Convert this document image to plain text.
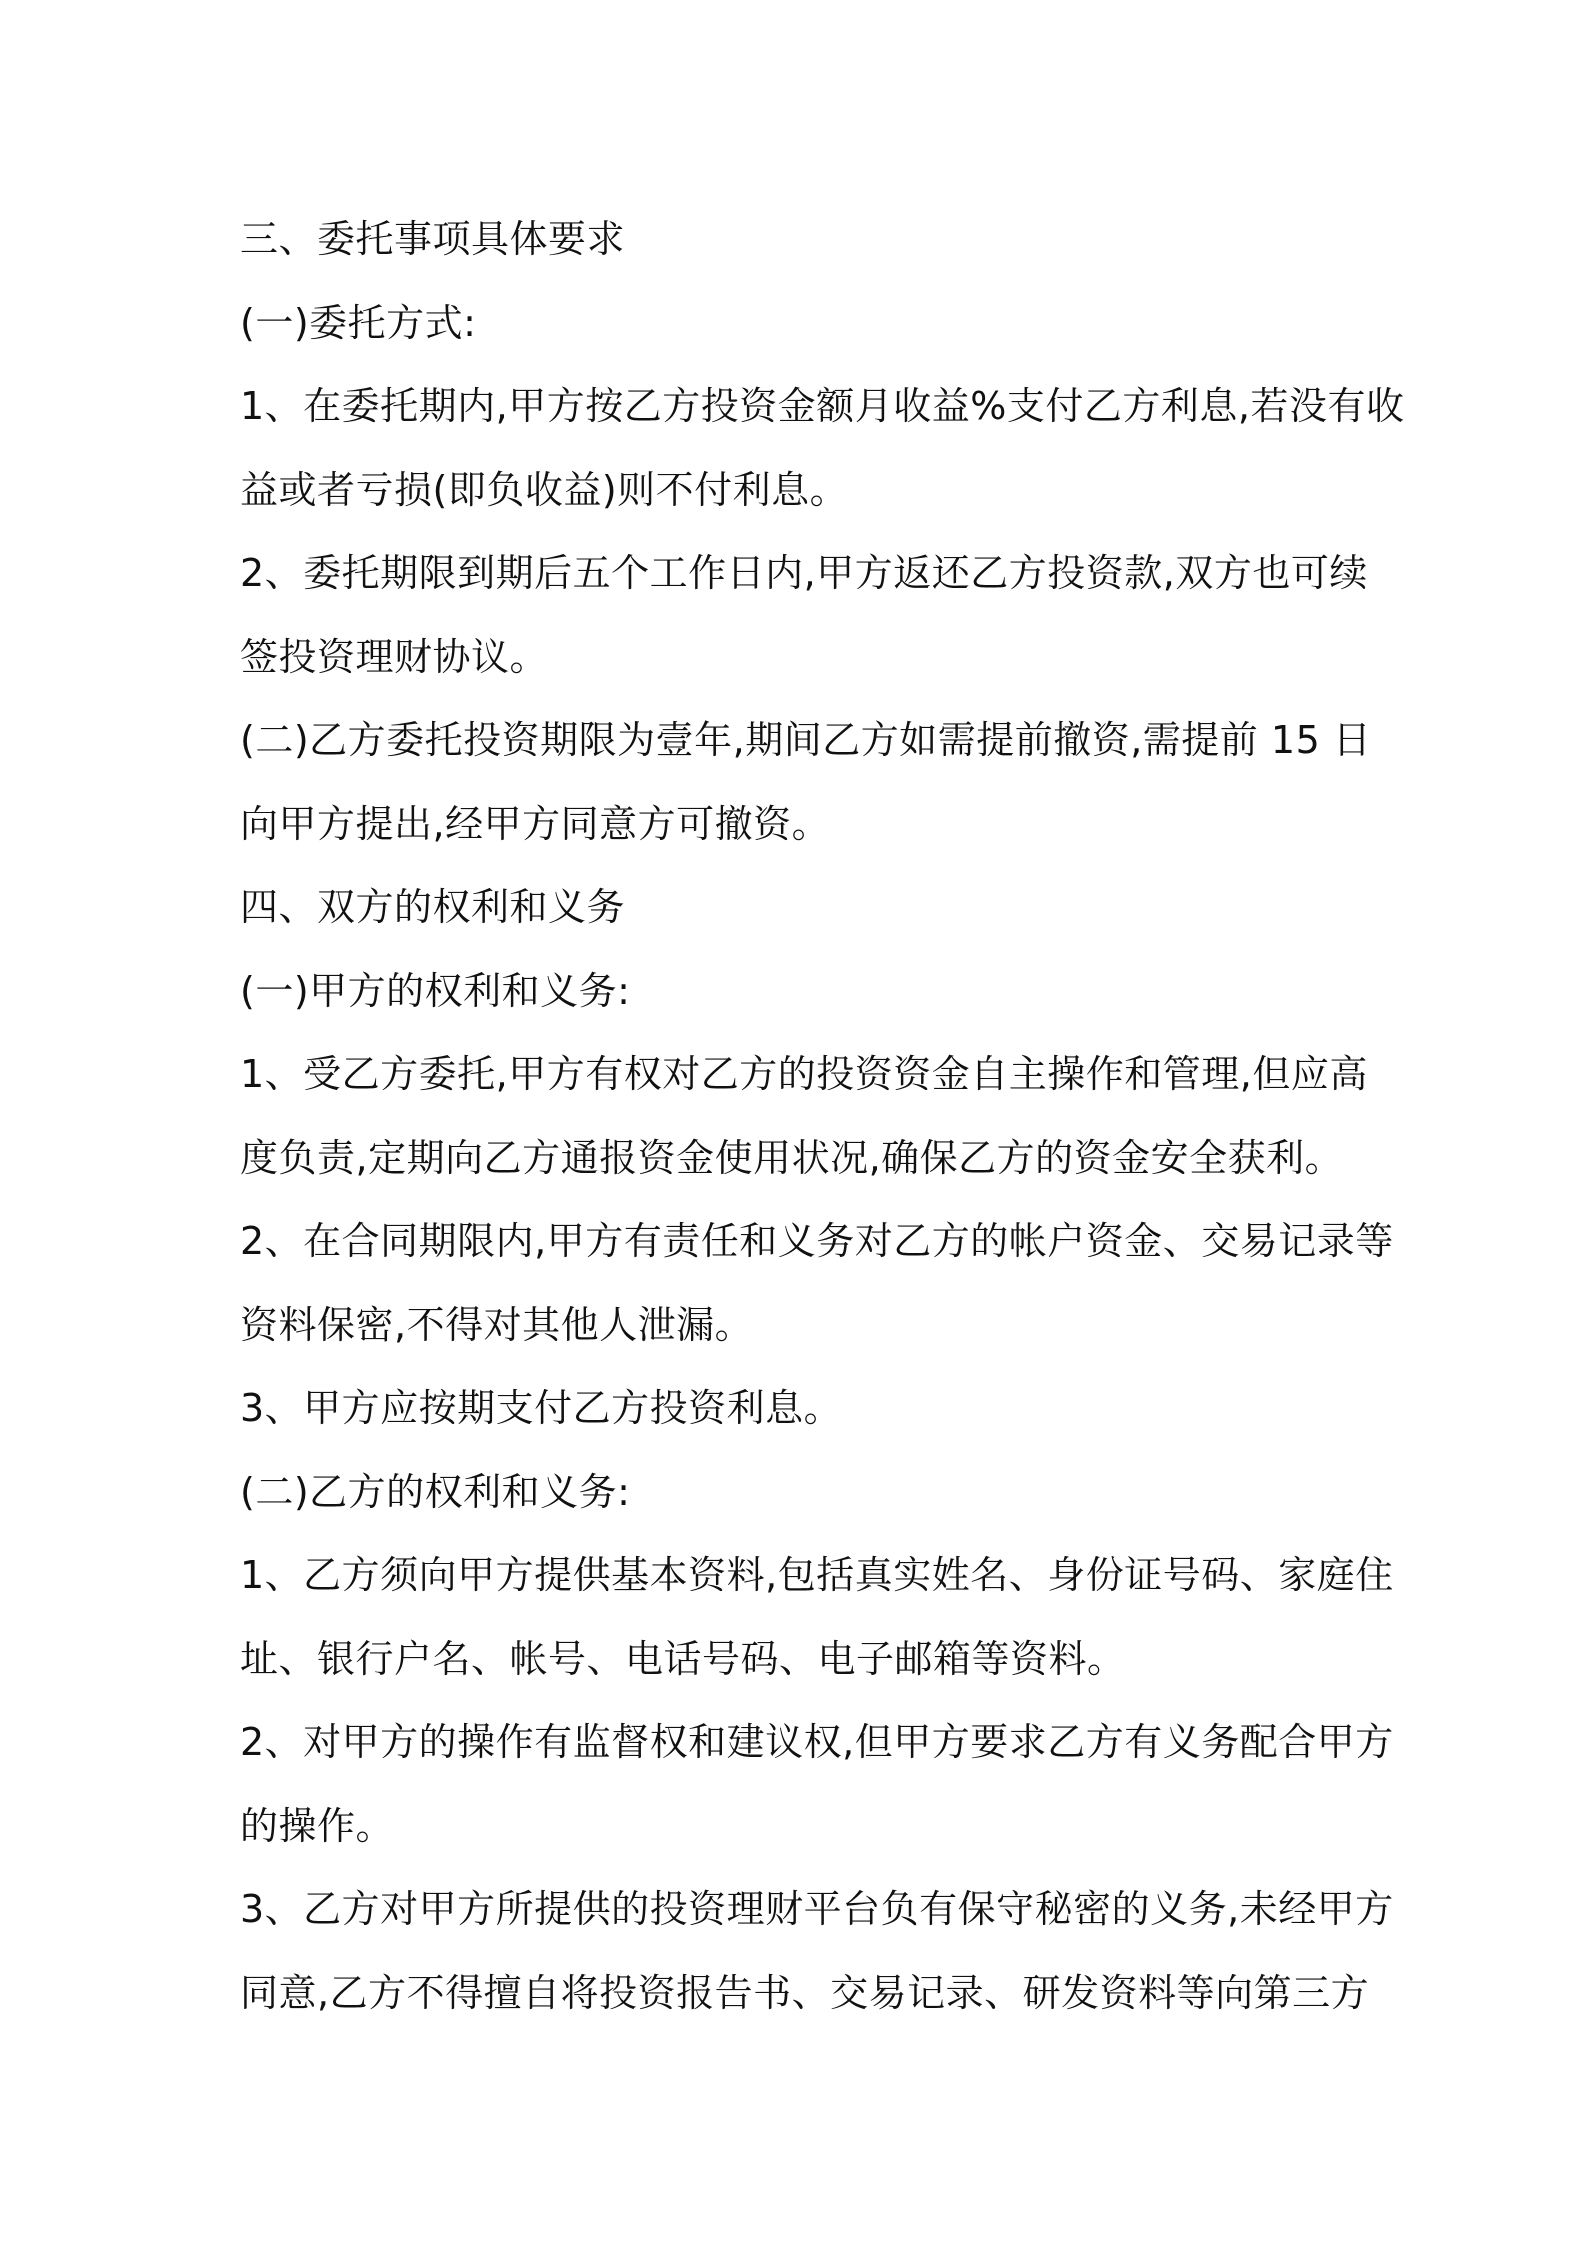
三、委托事项具体要求
(一)委托方式:
1、在委托期内,甲方按乙方投资金额月收益%支付乙方利息,若没有收
益或者亏损(即负收益)则不付利息。
2、委托期限到期后五个工作日内,甲方返还乙方投资款,双方也可续
签投资理财协议。
(二)乙方委托投资期限为壹年,期间乙方如需提前撤资,需提前 15 日
向甲方提出,经甲方同意方可撤资。
四、双方的权利和义务
(一)甲方的权利和义务:
1、受乙方委托,甲方有权对乙方的投资资金自主操作和管理,但应高
度负责,定期向乙方通报资金使用状况,确保乙方的资金安全获利。
2、在合同期限内,甲方有责任和义务对乙方的帐户资金、交易记录等
资料保密,不得对其他人泄漏。
3、甲方应按期支付乙方投资利息。
(二)乙方的权利和义务:
1、乙方须向甲方提供基本资料,包括真实姓名、身份证号码、家庭住
址、银行户名、帐号、电话号码、电子邮箱等资料。
2、对甲方的操作有监督权和建议权,但甲方要求乙方有义务配合甲方
的操作。
3、乙方对甲方所提供的投资理财平台负有保守秘密的义务,未经甲方
同意,乙方不得擅自将投资报告书、交易记录、研发资料等向第三方
